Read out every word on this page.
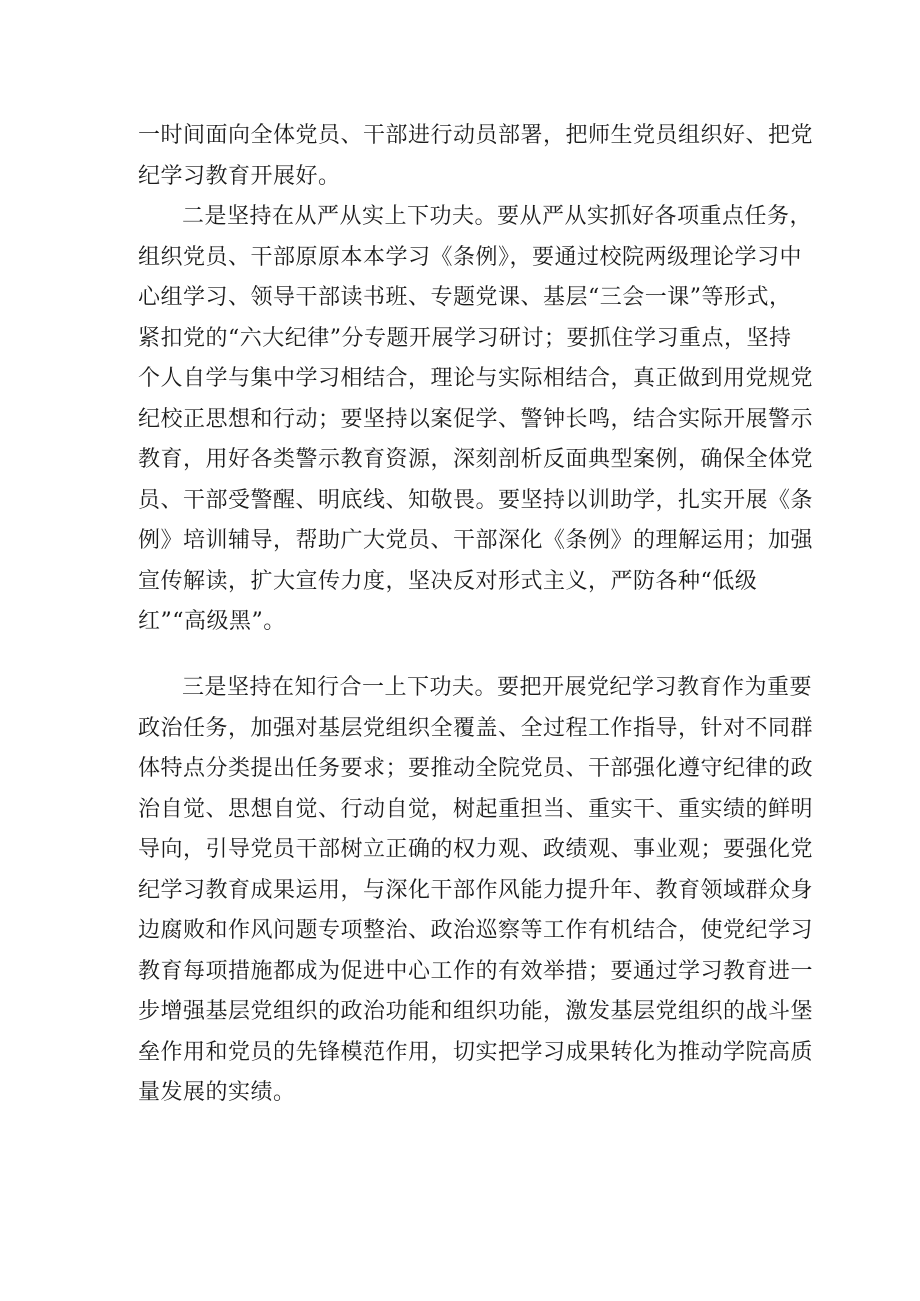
一时间面向全体党员、干部进行动员部署，把师生党员组织好、把党
纪学习教育开展好。
二是坚持在从严从实上下功夫。要从严从实抓好各项重点任务，
组织党员、干部原原本本学习《条例》，要通过校院两级理论学习中
心组学习、领导干部读书班、专题党课、基层“三会一课”等形式，
紧扣党的“六大纪律”分专题开展学习研讨；要抓住学习重点，坚持
个人自学与集中学习相结合，理论与实际相结合，真正做到用党规党
纪校正思想和行动；要坚持以案促学、警钟长鸣，结合实际开展警示
教育，用好各类警示教育资源，深刻剖析反面典型案例，确保全体党
员、干部受警醒、明底线、知敬畏。要坚持以训助学，扎实开展《条
例》培训辅导，帮助广大党员、干部深化《条例》的理解运用；加强
宣传解读，扩大宣传力度，坚决反对形式主义，严防各种“低级
红”“高级黑”。
三是坚持在知行合一上下功夫。要把开展党纪学习教育作为重要
政治任务，加强对基层党组织全覆盖、全过程工作指导，针对不同群
体特点分类提出任务要求；要推动全院党员、干部强化遵守纪律的政
治自觉、思想自觉、行动自觉，树起重担当、重实干、重实绩的鲜明
导向，引导党员干部树立正确的权力观、政绩观、事业观；要强化党
纪学习教育成果运用，与深化干部作风能力提升年、教育领域群众身
边腐败和作风问题专项整治、政治巡察等工作有机结合，使党纪学习
教育每项措施都成为促进中心工作的有效举措；要通过学习教育进一
步增强基层党组织的政治功能和组织功能，激发基层党组织的战斗堡
垒作用和党员的先锋模范作用，切实把学习成果转化为推动学院高质
量发展的实绩。
